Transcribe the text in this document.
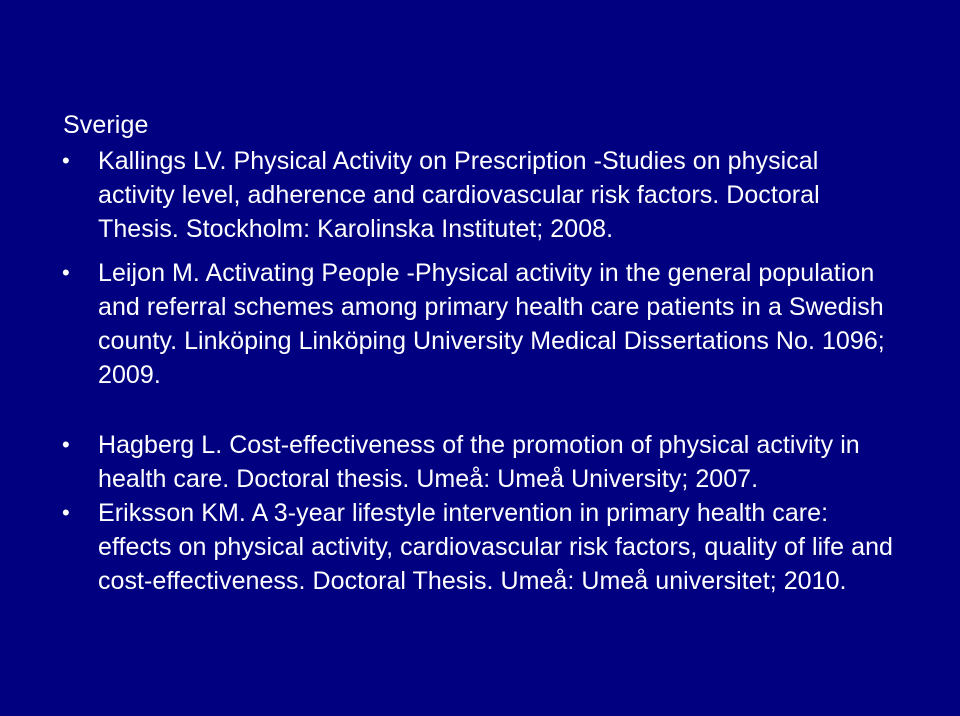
Sverige
• Kallings LV. Physical Activity on Prescription -Studies on physical activity level, adherence and cardiovascular risk factors. Doctoral Thesis. Stockholm: Karolinska Institutet; 2008.
• Leijon M. Activating People -Physical activity in the general population and referral schemes among primary health care patients in a Swedish county. Linköping Linköping University Medical Dissertations No. 1096; 2009.
• Hagberg L. Cost-effectiveness of the promotion of physical activity in health care. Doctoral thesis. Umeå: Umeå University; 2007.
• Eriksson KM. A 3-year lifestyle intervention in primary health care: effects on physical activity, cardiovascular risk factors, quality of life and cost-effectiveness. Doctoral Thesis. Umeå: Umeå universitet; 2010.
